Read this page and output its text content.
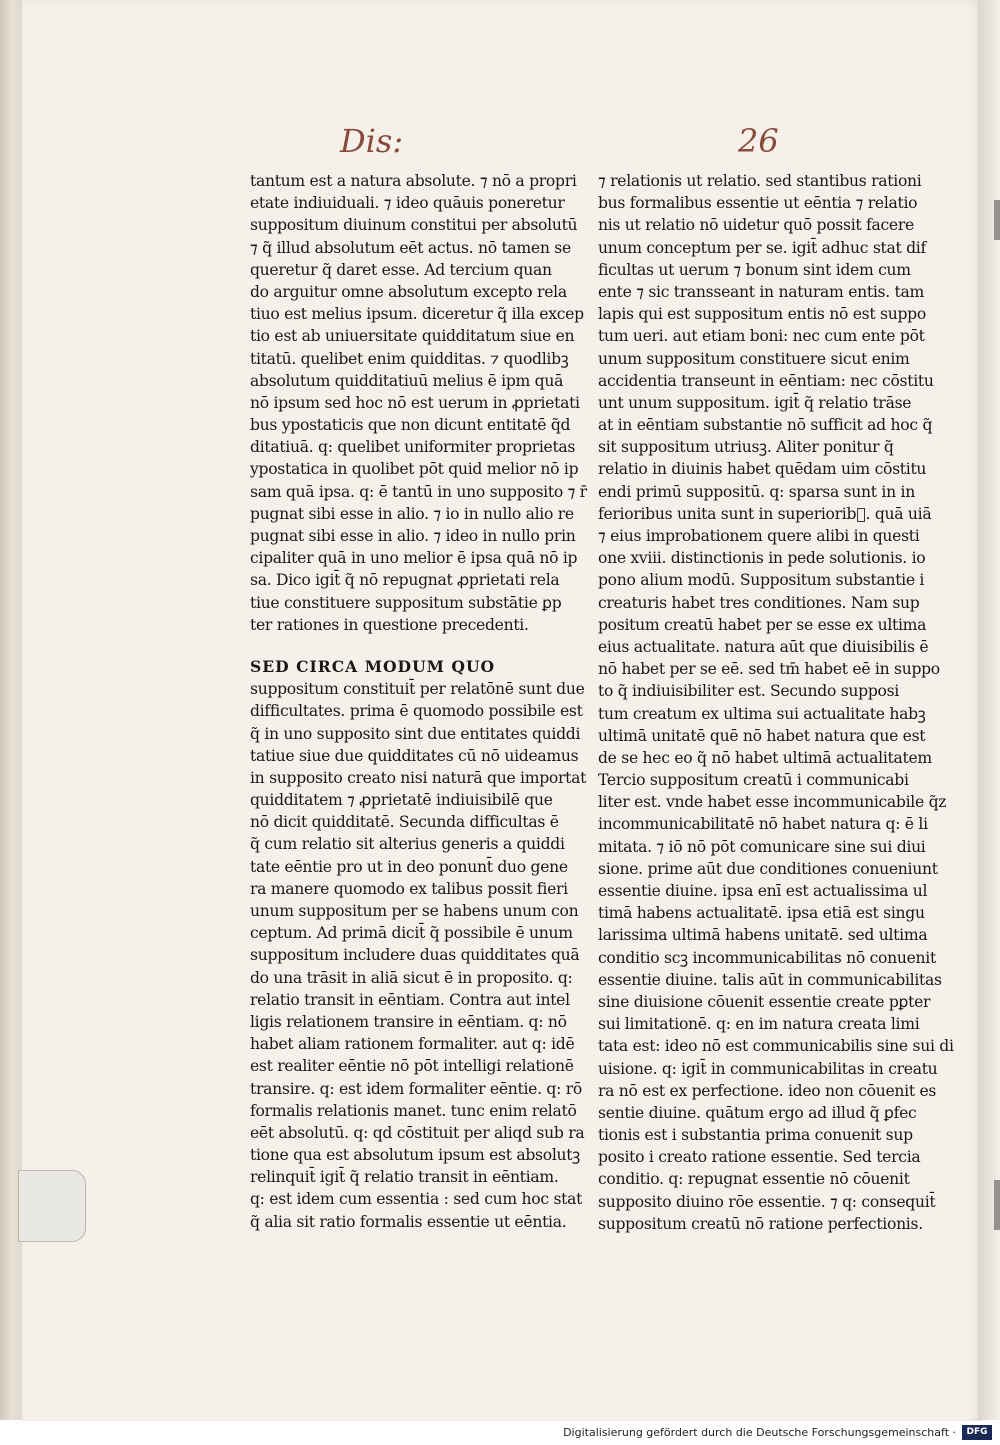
Dis:	26
tantum est a natura absolute. ⁊ nō a propri
etate indiuiduali. ⁊ ideo quāuis poneretur
suppositum diuinum constitui per absolutū
⁊ q̃ illud absolutum eēt actus. nō tamen se
queretur q̃ daret esse. Ad tercium quan
do arguitur omne absolutum excepto rela
tiuo est melius ipsum. diceretur q̃ illa excep
tio est ab uniuersitate quidditatum siue en
titatū. quelibet enim quidditas. ⁊ quodlibꝫ
absolutum quidditatiuū melius ē ipm quā
nō ipsum sed hoc nō est uerum in ꝓprietati
bus ypostaticis que non dicunt entitatē q̃d
ditatiuā. q: quelibet uniformiter proprietas
ypostatica in quolibet pōt quid melior nō ip
sam quā ipsa. q: ē tantū in uno supposito ⁊ r̄
pugnat sibi esse in alio. ⁊ io in nullo alio re
pugnat sibi esse in alio. ⁊ ideo in nullo prin
cipaliter quā in uno melior ē ipsa quā nō ip
sa. Dico igit̄ q̃ nō repugnat ꝓprietati rela
tiue constituere suppositum substātie ꝑp
ter rationes in questione precedenti.
SED CIRCA MODUM QUO
suppositum constituit̄ per relatōnē sunt due
difficultates. prima ē quomodo possibile est
q̃ in uno supposito sint due entitates quiddi
tatiue siue due quidditates cū nō uideamus
in supposito creato nisi naturā que importat
quidditatem ⁊ ꝓprietatē indiuisibilē que
nō dicit quidditatē. Secunda difficultas ē
q̃ cum relatio sit alterius generis a quiddi
tate eēntie pro ut in deo ponunt̄ duo gene
ra manere quomodo ex talibus possit fieri
unum suppositum per se habens unum con
ceptum. Ad primā dicit̄ q̃ possibile ē unum
suppositum includere duas quidditates quā
do una trāsit in aliā sicut ē in proposito. q:
relatio transit in eēntiam. Contra aut intel
ligis relationem transire in eēntiam. q: nō
habet aliam rationem formaliter. aut q: idē
est realiter eēntie nō pōt intelligi relationē
transire. q: est idem formaliter eēntie. q: rō
formalis relationis manet. tunc enim relatō
eēt absolutū. q: qd cōstituit per aliqd sub ra
tione qua est absolutum ipsum est absolutꝫ
relinquit̄ igit̄ q̃ relatio transit in eēntiam.
q: est idem cum essentia : sed cum hoc stat
q̃ alia sit ratio formalis essentie ut eēntia.
⁊ relationis ut relatio. sed stantibus rationi
bus formalibus essentie ut eēntia ⁊ relatio
nis ut relatio nō uidetur quō possit facere
unum conceptum per se. igit̄ adhuc stat dif
ficultas ut uerum ⁊ bonum sint idem cum
ente ⁊ sic transseant in naturam entis. tam
lapis qui est suppositum entis nō est suppo
tum ueri. aut etiam boni: nec cum ente pōt
unum suppositum constituere sicut enim
accidentia transeunt in eēntiam: nec cōstitu
unt unum suppositum. igit̄ q̃ relatio trāse
at in eēntiam substantie nō sufficit ad hoc q̃
sit suppositum utriusꝫ. Aliter ponitur q̃
relatio in diuinis habet quēdam uim cōstitu
endi primū suppositū. q: sparsa sunt in in
ferioribus unita sunt in superiorib᷒. quā uiā
⁊ eius improbationem quere alibi in questi
one xviii. distinctionis in pede solutionis. io
pono alium modū. Suppositum substantie i
creaturis habet tres conditiones. Nam sup
positum creatū habet per se esse ex ultima
eius actualitate. natura aūt que diuisibilis ē
nō habet per se eē. sed tm̄ habet eē in suppo
to q̃ indiuisibiliter est. Secundo supposi
tum creatum ex ultima sui actualitate habꝫ
ultimā unitatē quē nō habet natura que est
de se hec eo q̃ nō habet ultimā actualitatem
Tercio suppositum creatū i communicabi
liter est. vnde habet esse incommunicabile q̃z
incommunicabilitatē nō habet natura q: ē li
mitata. ⁊ iō nō pōt comunicare sine sui diui
sione. prime aūt due conditiones conueniunt
essentie diuine. ipsa enī est actualissima ul
timā habens actualitatē. ipsa etiā est singu
larissima ultimā habens unitatē. sed ultima
conditio scꝫ incommunicabilitas nō conuenit
essentie diuine. talis aūt in communicabilitas
sine diuisione cōuenit essentie create pꝑter
sui limitationē. q: en im natura creata limi
tata est: ideo nō est communicabilis sine sui di
uisione. q: igit̄ in communicabilitas in creatu
ra nō est ex perfectione. ideo non cōuenit es
sentie diuine. quātum ergo ad illud q̃ ꝑfec
tionis est i substantia prima conuenit sup
posito i creato ratione essentie. Sed tercia
conditio. q: repugnat essentie nō cōuenit
supposito diuino rōe essentie. ⁊ q: consequit̄
suppositum creatū nō ratione perfectionis.
Digitalisierung gefördert durch die Deutsche Forschungsgemeinschaft ·	DFG
